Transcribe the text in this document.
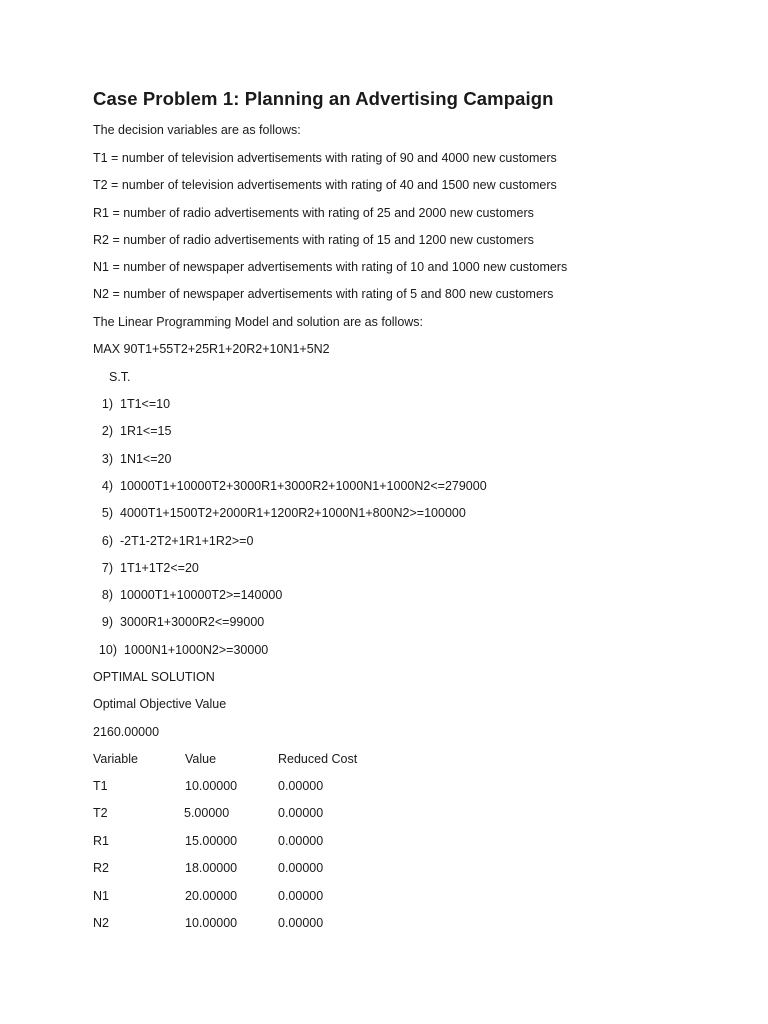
Case Problem 1: Planning an Advertising Campaign
The decision variables are as follows:
T1 = number of television advertisements with rating of 90 and 4000 new customers
T2 = number of television advertisements with rating of 40 and 1500 new customers
R1 = number of radio advertisements with rating of 25 and 2000 new customers
R2 = number of radio advertisements with rating of 15 and 1200 new customers
N1 = number of newspaper advertisements with rating of 10 and 1000 new customers
N2 = number of newspaper advertisements with rating of 5 and 800 new customers
The Linear Programming Model and solution are as follows:
MAX 90T1+55T2+25R1+20R2+10N1+5N2
S.T.
1) 1T1<=10
2) 1R1<=15
3) 1N1<=20
4) 10000T1+10000T2+3000R1+3000R2+1000N1+1000N2<=279000
5) 4000T1+1500T2+2000R1+1200R2+1000N1+800N2>=100000
6) -2T1-2T2+1R1+1R2>=0
7) 1T1+1T2<=20
8) 10000T1+10000T2>=140000
9) 3000R1+3000R2<=99000
10) 1000N1+1000N2>=30000
OPTIMAL SOLUTION
Optimal Objective Value
2160.00000
Variable	Value	Reduced Cost
T1	10.00000	0.00000
T2	5.00000	0.00000
R1	15.00000	0.00000
R2	18.00000	0.00000
N1	20.00000	0.00000
N2	10.00000	0.00000
